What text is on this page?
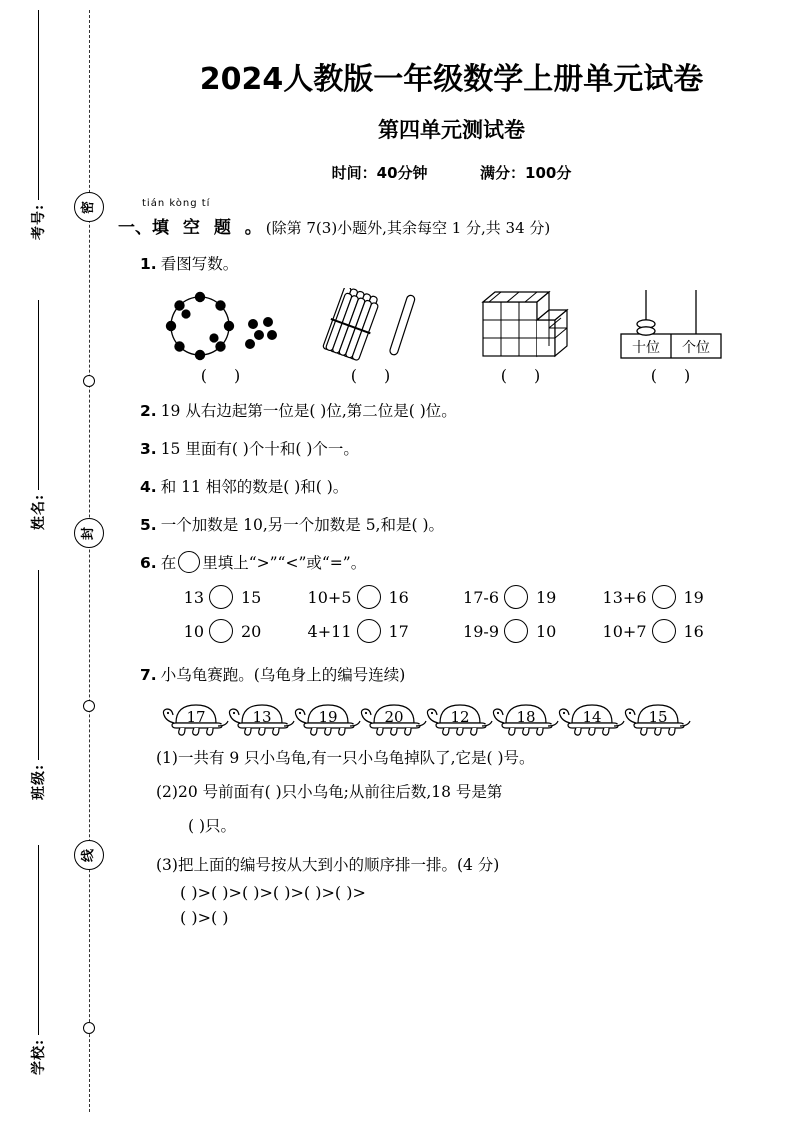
密
封
线
考号:
姓名:
班级:
学校:
2024人教版一年级数学上册单元试卷
第四单元测试卷
时间：40分钟	满分：100分
tián kòng tí
一、填 空 题 。(除第 7(3)小题外,其余每空 1 分,共 34 分)
1. 看图写数。
( )	( )	( )
十位 个位
( )
2. 19 从右边起第一位是( )位,第二位是( )位。
3. 15 里面有( )个十和( )个一。
4. 和 11 相邻的数是( )和( )。
5. 一个加数是 10,另一个加数是 5,和是( )。
6. 在 里填上“>”“<”或“=”。
13	15	10+5	16	17-6	19	13+6	19
10	20	4+11	17	19-9	10	10+7	16
7. 小乌龟赛跑。(乌龟身上的编号连续)
17	13	19	20	12	18	14	15
(1)一共有 9 只小乌龟,有一只小乌龟掉队了,它是( )号。
(2)20 号前面有( )只小乌龟;从前往后数,18 号是第
( )只。
(3)把上面的编号按从大到小的顺序排一排。(4 分)
( )>( )>( )>( )>( )>( )>
( )>( )
